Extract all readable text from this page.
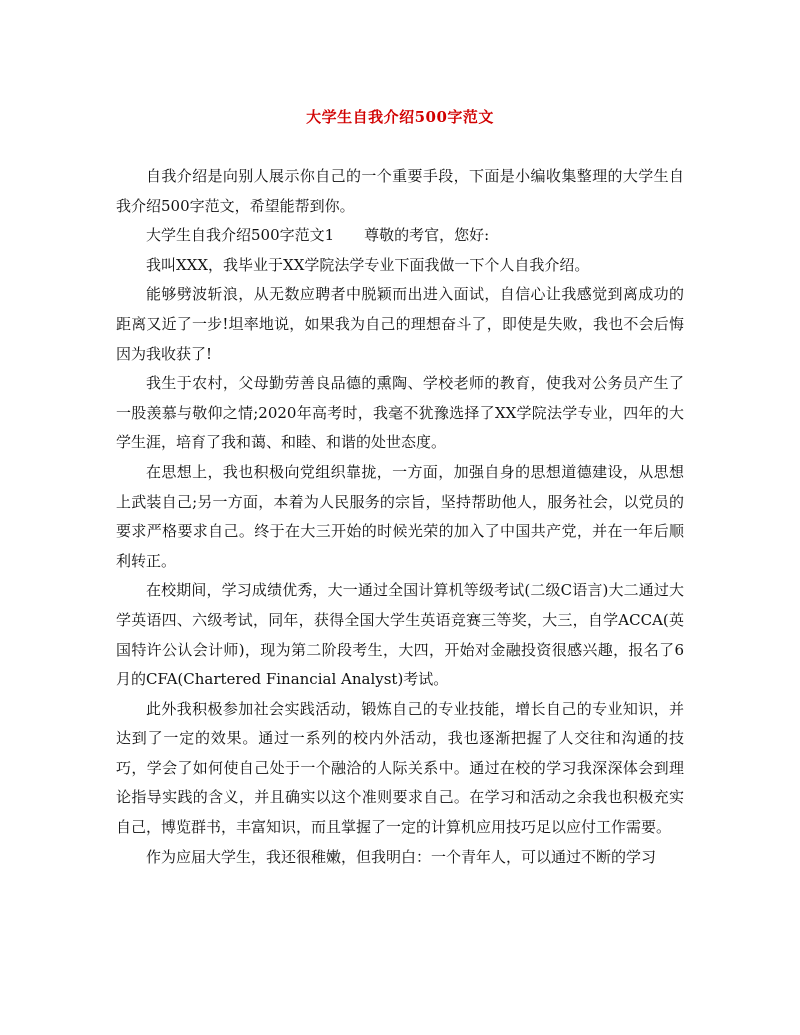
大学生自我介绍500字范文

自我介绍是向别人展示你自己的一个重要手段，下面是小编收集整理的大学生自我介绍500字范文，希望能帮到你。

大学生自我介绍500字范文1　　尊敬的考官，您好:

我叫XXX，我毕业于XX学院法学专业下面我做一下个人自我介绍。

能够劈波斩浪，从无数应聘者中脱颖而出进入面试，自信心让我感觉到离成功的距离又近了一步!坦率地说，如果我为自己的理想奋斗了，即使是失败，我也不会后悔因为我收获了!

我生于农村，父母勤劳善良品德的熏陶、学校老师的教育，使我对公务员产生了一股羡慕与敬仰之情;2020年高考时，我毫不犹豫选择了XX学院法学专业，四年的大学生涯，培育了我和蔼、和睦、和谐的处世态度。

在思想上，我也积极向党组织靠拢，一方面，加强自身的思想道德建设，从思想上武装自己;另一方面，本着为人民服务的宗旨，坚持帮助他人，服务社会，以党员的要求严格要求自己。终于在大三开始的时候光荣的加入了中国共产党，并在一年后顺利转正。

在校期间，学习成绩优秀，大一通过全国计算机等级考试(二级C语言)大二通过大学英语四、六级考试，同年，获得全国大学生英语竞赛三等奖，大三，自学ACCA(英国特许公认会计师)，现为第二阶段考生，大四，开始对金融投资很感兴趣，报名了6月的CFA(Chartered Financial Analyst)考试。

此外我积极参加社会实践活动，锻炼自己的专业技能，增长自己的专业知识，并达到了一定的效果。通过一系列的校内外活动，我也逐渐把握了人交往和沟通的技巧，学会了如何使自己处于一个融洽的人际关系中。通过在校的学习我深深体会到理论指导实践的含义，并且确实以这个准则要求自己。在学习和活动之余我也积极充实自己，博览群书，丰富知识，而且掌握了一定的计算机应用技巧足以应付工作需要。

作为应届大学生，我还很稚嫩，但我明白：一个青年人，可以通过不断的学习
